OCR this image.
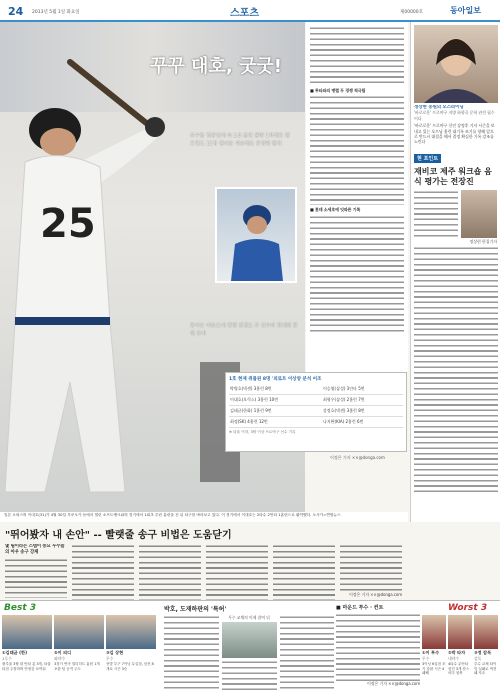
24 2013년 5월 1일 화요일	스포츠	제00000호	동아일보
25
꾸꾸 대호, 굿굿!
투수들 집중견제 속 2.8 홈런 불방 1차례로 팬트런드 12경 컴피운 계승해도 존경한 팔뛰
동아은 마운드에 컨벤 전권도 두 선수의 탄배한 문행 유버
■ 투타와의 병렬 두 경쟁 적극립
■ 롯데 소세호에 잇따른 기록
1호 현재 쥐롭된 8명 '피로트 이상양 분석 어조
박병호(넥센) 3홈런 8번	이승엽(삼성) 3안타 5번
이대호(오릭스) 3홈런 10번	최형우(삼성) 2홈런 7번
김태균(한화) 1홈런 9번	강정호(넥센) 3홈런 8번
최정(SK) 4홈런 12번	나지완(KIA) 2홈런 6번
※ 타율 이하, 3할 이상 프로야구 선수 기록
이정은 기자 ××@donga.com
일본 오릭스의 이대호(31)가 4월 30일 후쿠오카 돔에서 열린 소프트뱅크와의 경기에서 1회초 투런 홈런을 친 뒤 타구를 바라보고 있다. 이 경기에서 이대호는 2타수 2안타 1홈런으로 활약했다. 오사카=연합뉴스
정상현 농원의 모스라이딩
'바로로운' 프로야구 지방 하향곡 문학 관전 필수 이다
'바로로운' 프로야구 신인 강정후 기자 시즌을 보내고 있는 오프닝 홈런 대기록 쓰기를 향해 앞으로 반드시 대결을 해서 결정 확실한 기록 강조를 노린다
현 포인트
재비코 제주 워크숍 음식 평가는 전장진
정상현 편집기자
"뛰어봤자 내 손안" -- 빨랫줄 송구 비법은 도움닫기
몇 팀이라는 스텝이 중요 두수들의 아우 송구 강제
이정은 기자 ××@donga.com
Best 3
①김태균 (한)
1루수
출루율 3할 대 안타 총 3개, 타율 타점 주장하며 안정감 보여줘
②이 피디
외야수
3경기 연속 멀티히트 홈런 1개 포함 팀 공격 주도
③김 상현
투수
선발 투구 7이닝 무실점, 삼진 8개로 시즌 3승
박호, 도재하판의 '특허'
투수 교체의 이제 참여 뒤
■ 마운드 투수 · 컨트
이정은 기자 ××@donga.com
Worst 3
①이 투수
투수
3이닝 6실점 조기 강판 시즌 4패째
②박 타자
내야수
4타수 무안타 삼진 3개 찬스마다 침묵
③정 감독
감독
투수 교체 타이밍 실패로 역전패 자초
